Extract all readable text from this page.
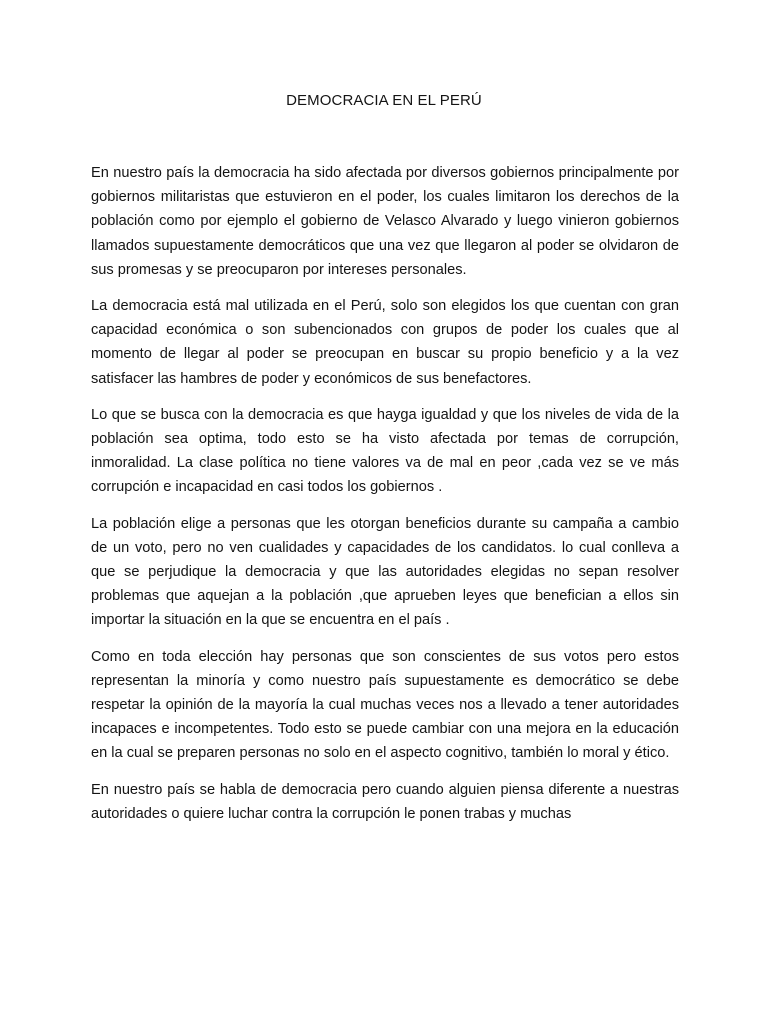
DEMOCRACIA EN EL PERÚ

En nuestro país la democracia ha sido afectada por diversos gobiernos principalmente por gobiernos militaristas que estuvieron en el poder, los cuales limitaron los derechos de la población como por ejemplo el gobierno de Velasco Alvarado y luego vinieron gobiernos llamados supuestamente democráticos que una vez que llegaron al poder se olvidaron de sus promesas y se preocuparon por intereses personales.

La democracia está mal utilizada en el Perú, solo son elegidos los que cuentan con gran capacidad económica o son subencionados con grupos de poder los cuales que al momento de llegar al poder se preocupan en buscar su propio beneficio y a la vez satisfacer las hambres de poder y económicos de sus benefactores.

Lo que se busca con la democracia es que hayga igualdad y que los niveles de vida de la población sea optima, todo esto se ha visto afectada por temas de corrupción, inmoralidad. La clase política no tiene valores va de mal en peor ,cada vez se ve más corrupción e incapacidad en casi todos los gobiernos .

La población elige a personas que les otorgan beneficios durante su campaña a cambio de un voto, pero no ven cualidades y capacidades de los candidatos. lo cual conlleva a que se perjudique la democracia y que las autoridades elegidas no sepan resolver problemas que aquejan a la población ,que aprueben leyes que benefician a ellos sin importar la situación en la que se encuentra en el país .

Como en toda elección hay personas que son conscientes de sus votos pero estos representan la minoría y como nuestro país supuestamente es democrático se debe respetar la opinión de la mayoría la cual muchas veces nos a llevado a tener autoridades incapaces e incompetentes. Todo esto se puede cambiar con una mejora en la educación en la cual se preparen personas no solo en el aspecto cognitivo, también lo moral y ético.

En nuestro país se habla de democracia pero cuando alguien piensa diferente a nuestras autoridades o quiere luchar contra la corrupción le ponen trabas y muchas
